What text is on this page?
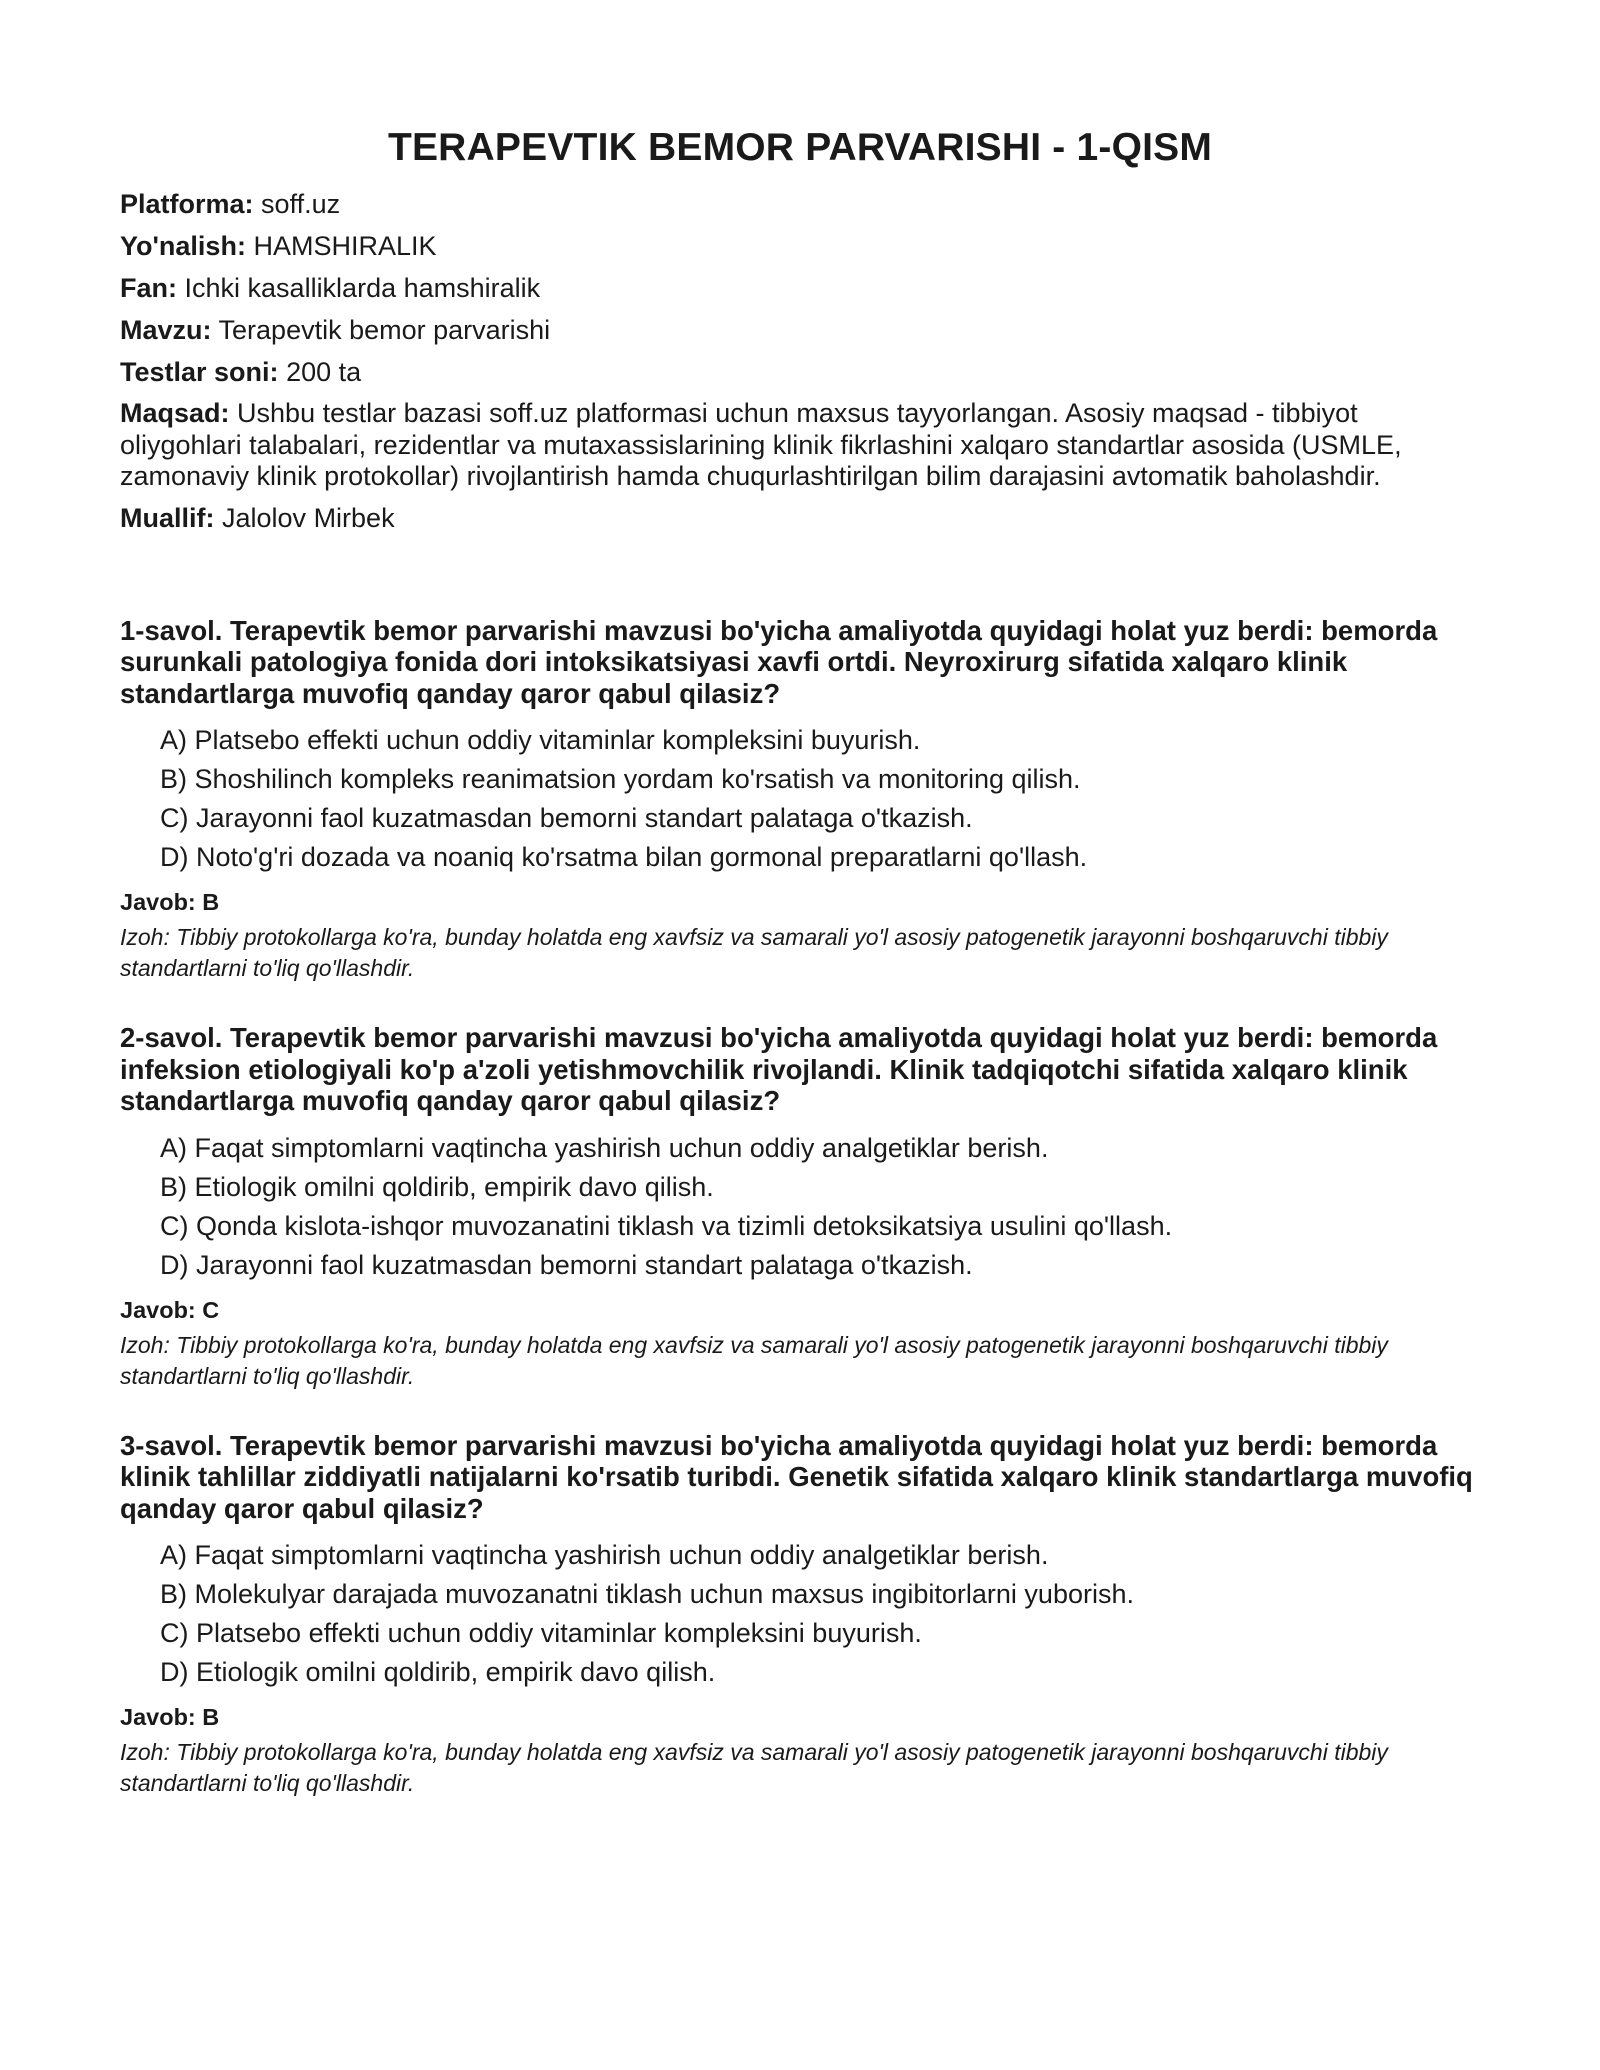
TERAPEVTIK BEMOR PARVARISHI - 1-QISM
Platforma: soff.uz
Yo'nalish: HAMSHIRALIK
Fan: Ichki kasalliklarda hamshiralik
Mavzu: Terapevtik bemor parvarishi
Testlar soni: 200 ta
Maqsad: Ushbu testlar bazasi soff.uz platformasi uchun maxsus tayyorlangan. Asosiy maqsad - tibbiyot oliygohlari talabalari, rezidentlar va mutaxassislarining klinik fikrlashini xalqaro standartlar asosida (USMLE, zamonaviy klinik protokollar) rivojlantirish hamda chuqurlashtirilgan bilim darajasini avtomatik baholashdir.
Muallif: Jalolov Mirbek
1-savol. Terapevtik bemor parvarishi mavzusi bo'yicha amaliyotda quyidagi holat yuz berdi: bemorda surunkali patologiya fonida dori intoksikatsiyasi xavfi ortdi. Neyroxirurg sifatida xalqaro klinik standartlarga muvofiq qanday qaror qabul qilasiz?
A) Platsebo effekti uchun oddiy vitaminlar kompleksini buyurish.
B) Shoshilinch kompleks reanimatsion yordam ko'rsatish va monitoring qilish.
C) Jarayonni faol kuzatmasdan bemorni standart palataga o'tkazish.
D) Noto'g'ri dozada va noaniq ko'rsatma bilan gormonal preparatlarni qo'llash.
Javob: B
Izoh: Tibbiy protokollarga ko'ra, bunday holatda eng xavfsiz va samarali yo'l asosiy patogenetik jarayonni boshqaruvchi tibbiy standartlarni to'liq qo'llashdir.
2-savol. Terapevtik bemor parvarishi mavzusi bo'yicha amaliyotda quyidagi holat yuz berdi: bemorda infeksion etiologiyali ko'p a'zoli yetishmovchilik rivojlandi. Klinik tadqiqotchi sifatida xalqaro klinik standartlarga muvofiq qanday qaror qabul qilasiz?
A) Faqat simptomlarni vaqtincha yashirish uchun oddiy analgetiklar berish.
B) Etiologik omilni qoldirib, empirik davo qilish.
C) Qonda kislota-ishqor muvozanatini tiklash va tizimli detoksikatsiya usulini qo'llash.
D) Jarayonni faol kuzatmasdan bemorni standart palataga o'tkazish.
Javob: C
Izoh: Tibbiy protokollarga ko'ra, bunday holatda eng xavfsiz va samarali yo'l asosiy patogenetik jarayonni boshqaruvchi tibbiy standartlarni to'liq qo'llashdir.
3-savol. Terapevtik bemor parvarishi mavzusi bo'yicha amaliyotda quyidagi holat yuz berdi: bemorda klinik tahlillar ziddiyatli natijalarni ko'rsatib turibdi. Genetik sifatida xalqaro klinik standartlarga muvofiq qanday qaror qabul qilasiz?
A) Faqat simptomlarni vaqtincha yashirish uchun oddiy analgetiklar berish.
B) Molekulyar darajada muvozanatni tiklash uchun maxsus ingibitorlarni yuborish.
C) Platsebo effekti uchun oddiy vitaminlar kompleksini buyurish.
D) Etiologik omilni qoldirib, empirik davo qilish.
Javob: B
Izoh: Tibbiy protokollarga ko'ra, bunday holatda eng xavfsiz va samarali yo'l asosiy patogenetik jarayonni boshqaruvchi tibbiy standartlarni to'liq qo'llashdir.
